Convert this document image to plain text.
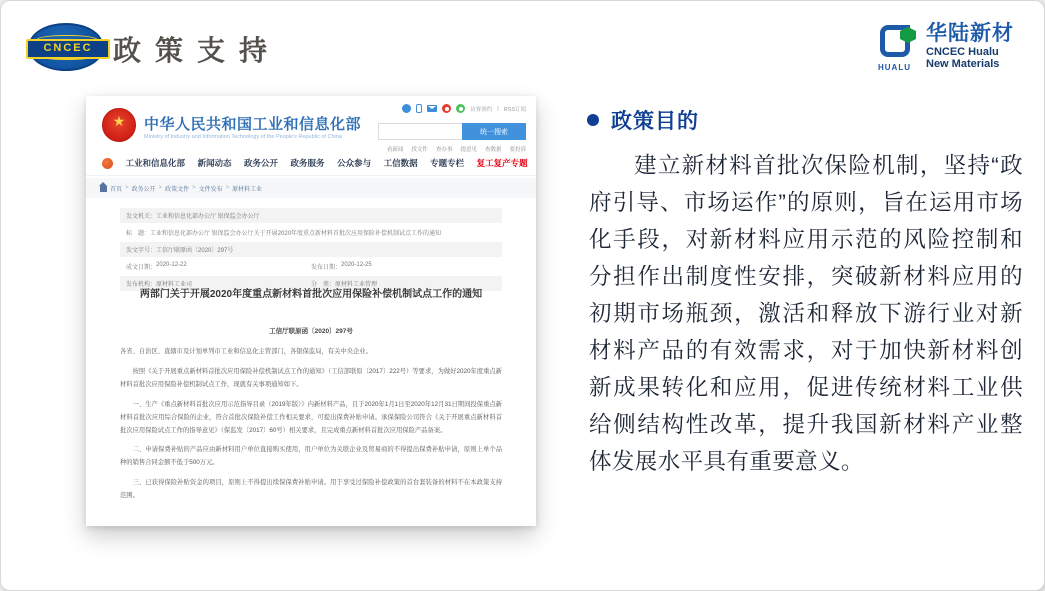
CNCEC 政策支持
HUALU
华陆新材
CNCEC Hualu
New Materials
★
中华人民共和国工业和信息化部
Ministry of Industry and Information Technology of the People's Republic of China
访客预约 | RSS订阅
统一搜索
看新闻 找文件 查办事 提意见 查数据 要投诉
工业和信息化部 新闻动态 政务公开 政务服务 公众参与 工信数据 专题专栏 复工复产专题
首页 > 政务公开 > 政策文件 > 文件发布 > 原材料工业
发文机关： 工业和信息化部办公厅 银保监会办公厅
标　题： 工业和信息化部办公厅 银保监会办公厅关于开展2020年度重点新材料首批次应用保险补偿机制试点工作的通知
发文字号： 工信厅联原函〔2020〕297号
成文日期： 2020-12-22	发布日期： 2020-12-25
发布机构： 原材料工业司	分　类： 原材料工业管理
两部门关于开展2020年度重点新材料首批次应用保险补偿机制试点工作的通知
工信厅联原函〔2020〕297号

各省、自治区、直辖市及计划单列市工业和信息化主管部门，各银保监局，有关中央企业。

按照《关于开展重点新材料首批次应用保险补偿机制试点工作的通知》（工信部联原〔2017〕222号）等要求，为做好2020年度重点新材料首批次应用保险补偿机制试点工作，现就有关事项通知如下。

一、生产《重点新材料首批次应用示范指导目录（2019年版）》内新材料产品，且于2020年1月1日至2020年12月31日期间投保重点新材料首批次应用综合保险的企业，符合首批次保险补偿工作相关要求，可提出保费补贴申请。承保保险公司符合《关于开展重点新材料首批次应用保险试点工作的指导意见》（保监发〔2017〕60号）相关要求，且完成重点新材料首批次应用保险产品备案。

二、申请保费补贴的产品应由新材料用户单位直接购买使用，用户单位为关联企业及贸易商的不得提出保费补贴申请，原则上单个品种的销售合同金额不低于500万元。

三、已获得保险补贴资金的项目，原则上不得提出续保保费补贴申请。用于享受过保险补偿政策的首台套装备的材料不在本政策支持范围。

政策目的
建立新材料首批次保险机制，坚持“政府引导、市场运作”的原则，旨在运用市场化手段，对新材料应用示范的风险控制和分担作出制度性安排，突破新材料应用的初期市场瓶颈，激活和释放下游行业对新材料产品的有效需求，对于加快新材料创新成果转化和应用，促进传统材料工业供给侧结构性改革，提升我国新材料产业整体发展水平具有重要意义。
